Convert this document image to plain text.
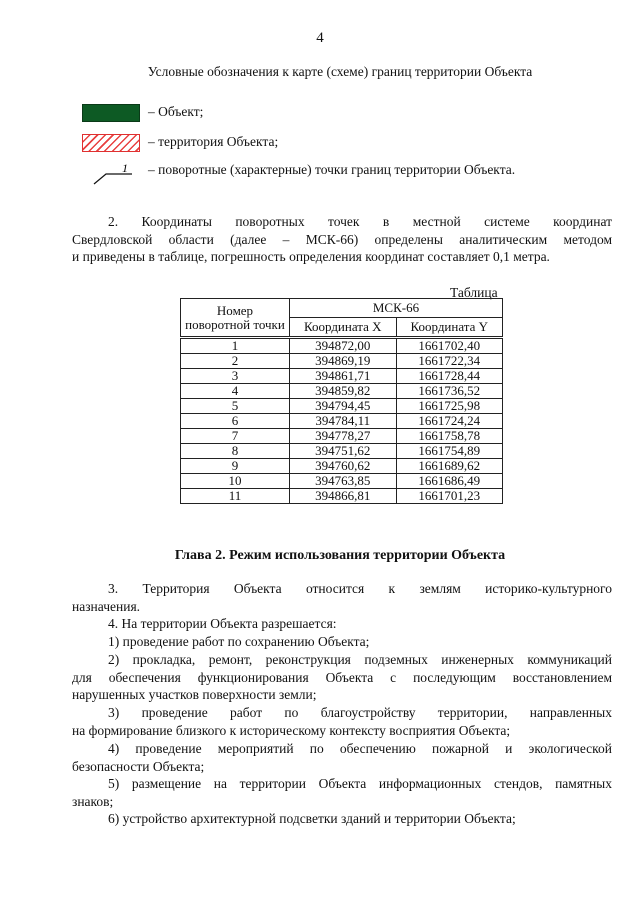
4
Условные обозначения к карте (схеме) границ территории Объекта
– Объект;
– территория Объекта;
1 – поворотные (характерные) точки границ территории Объекта.
2. Координаты поворотных точек в местной системе координат
Свердловской области (далее – МСК-66) определены аналитическим методом
и приведены в таблице, погрешность определения координат составляет 0,1 метра.
Таблица
Номер поворотной точки	МСК-66	
	Координата X	Координата Y
1	394872,00	1661702,40
2	394869,19	1661722,34
3	394861,71	1661728,44
4	394859,82	1661736,52
5	394794,45	1661725,98
6	394784,11	1661724,24
7	394778,27	1661758,78
8	394751,62	1661754,89
9	394760,62	1661689,62
10	394763,85	1661686,49
11	394866,81	1661701,23
Глава 2. Режим использования территории Объекта
3. Территория Объекта относится к землям историко-культурного
назначения.
4. На территории Объекта разрешается:
1) проведение работ по сохранению Объекта;
2) прокладка, ремонт, реконструкция подземных инженерных коммуникаций
для обеспечения функционирования Объекта с последующим восстановлением
нарушенных участков поверхности земли;
3) проведение работ по благоустройству территории, направленных
на формирование близкого к историческому контексту восприятия Объекта;
4) проведение мероприятий по обеспечению пожарной и экологической
безопасности Объекта;
5) размещение на территории Объекта информационных стендов, памятных
знаков;
6) устройство архитектурной подсветки зданий и территории Объекта;
